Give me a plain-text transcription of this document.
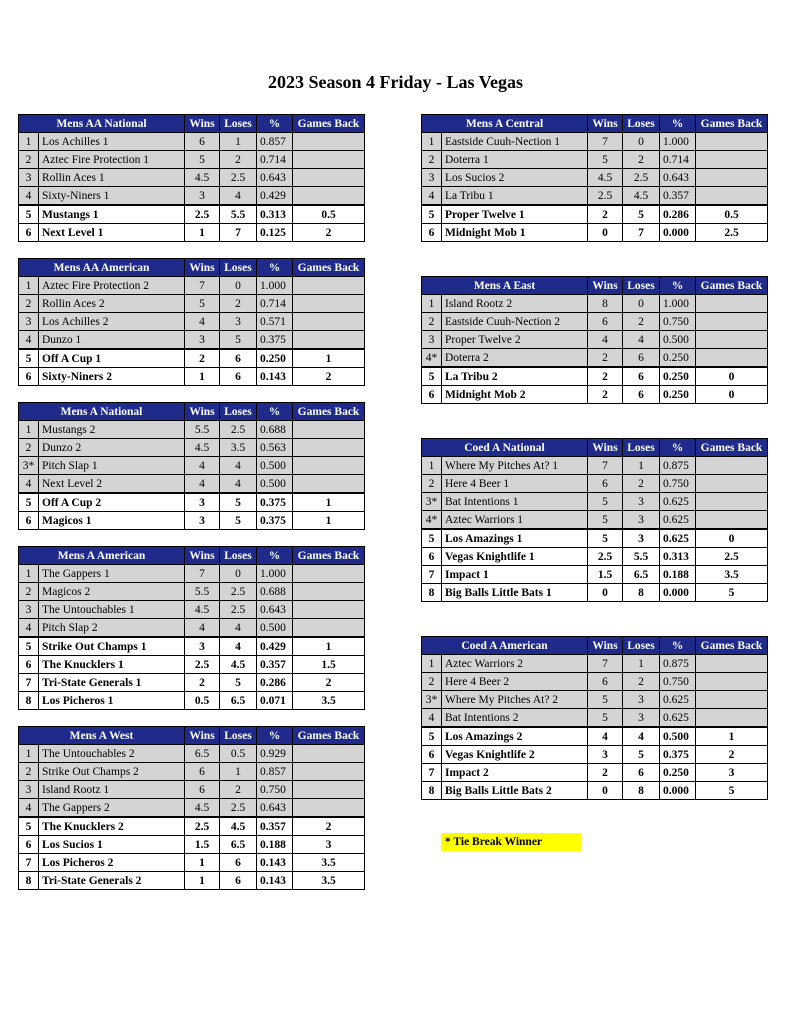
2023 Season 4 Friday - Las Vegas
Mens AA National		Wins	Loses	%	Games Back
1	Los Achilles 1	6	1	0.857	
2	Aztec Fire Protection 1	5	2	0.714	
3	Rollin Aces 1	4.5	2.5	0.643	
4	Sixty-Niners 1	3	4	0.429	
5	Mustangs 1	2.5	5.5	0.313	0.5
6	Next Level 1	1	7	0.125	2
Mens AA American		Wins	Loses	%	Games Back
1	Aztec Fire Protection 2	7	0	1.000	
2	Rollin Aces 2	5	2	0.714	
3	Los Achilles 2	4	3	0.571	
4	Dunzo 1	3	5	0.375	
5	Off A Cup 1	2	6	0.250	1
6	Sixty-Niners 2	1	6	0.143	2
Mens A National		Wins	Loses	%	Games Back
1	Mustangs 2	5.5	2.5	0.688	
2	Dunzo 2	4.5	3.5	0.563	
3*	Pitch Slap 1	4	4	0.500	
4	Next Level 2	4	4	0.500	
5	Off A Cup 2	3	5	0.375	1
6	Magicos 1	3	5	0.375	1
Mens A American		Wins	Loses	%	Games Back
1	The Gappers 1	7	0	1.000	
2	Magicos 2	5.5	2.5	0.688	
3	The Untouchables 1	4.5	2.5	0.643	
4	Pitch Slap 2	4	4	0.500	
5	Strike Out Champs 1	3	4	0.429	1
6	The Knucklers 1	2.5	4.5	0.357	1.5
7	Tri-State Generals 1	2	5	0.286	2
8	Los Picheros 1	0.5	6.5	0.071	3.5
Mens A West		Wins	Loses	%	Games Back
1	The Untouchables 2	6.5	0.5	0.929	
2	Strike Out Champs 2	6	1	0.857	
3	Island Rootz 1	6	2	0.750	
4	The Gappers 2	4.5	2.5	0.643	
5	The Knucklers 2	2.5	4.5	0.357	2
6	Los Sucios 1	1.5	6.5	0.188	3
7	Los Picheros 2	1	6	0.143	3.5
8	Tri-State Generals 2	1	6	0.143	3.5
Mens A Central		Wins	Loses	%	Games Back
1	Eastside Cuuh-Nection 1	7	0	1.000	
2	Doterra 1	5	2	0.714	
3	Los Sucios 2	4.5	2.5	0.643	
4	La Tribu 1	2.5	4.5	0.357	
5	Proper Twelve 1	2	5	0.286	0.5
6	Midnight Mob 1	0	7	0.000	2.5
Mens A East		Wins	Loses	%	Games Back
1	Island Rootz 2	8	0	1.000	
2	Eastside Cuuh-Nection 2	6	2	0.750	
3	Proper Twelve 2	4	4	0.500	
4*	Doterra 2	2	6	0.250	
5	La Tribu 2	2	6	0.250	0
6	Midnight Mob 2	2	6	0.250	0
Coed A National		Wins	Loses	%	Games Back
1	Where My Pitches At? 1	7	1	0.875	
2	Here 4 Beer 1	6	2	0.750	
3*	Bat Intentions 1	5	3	0.625	
4*	Aztec Warriors 1	5	3	0.625	
5	Los Amazings 1	5	3	0.625	0
6	Vegas Knightlife 1	2.5	5.5	0.313	2.5
7	Impact 1	1.5	6.5	0.188	3.5
8	Big Balls Little Bats 1	0	8	0.000	5
Coed A American		Wins	Loses	%	Games Back
1	Aztec Warriors 2	7	1	0.875	
2	Here 4 Beer 2	6	2	0.750	
3*	Where My Pitches At? 2	5	3	0.625	
4	Bat Intentions 2	5	3	0.625	
5	Los Amazings 2	4	4	0.500	1
6	Vegas Knightlife 2	3	5	0.375	2
7	Impact 2	2	6	0.250	3
8	Big Balls Little Bats 2	0	8	0.000	5
* Tie Break Winner
